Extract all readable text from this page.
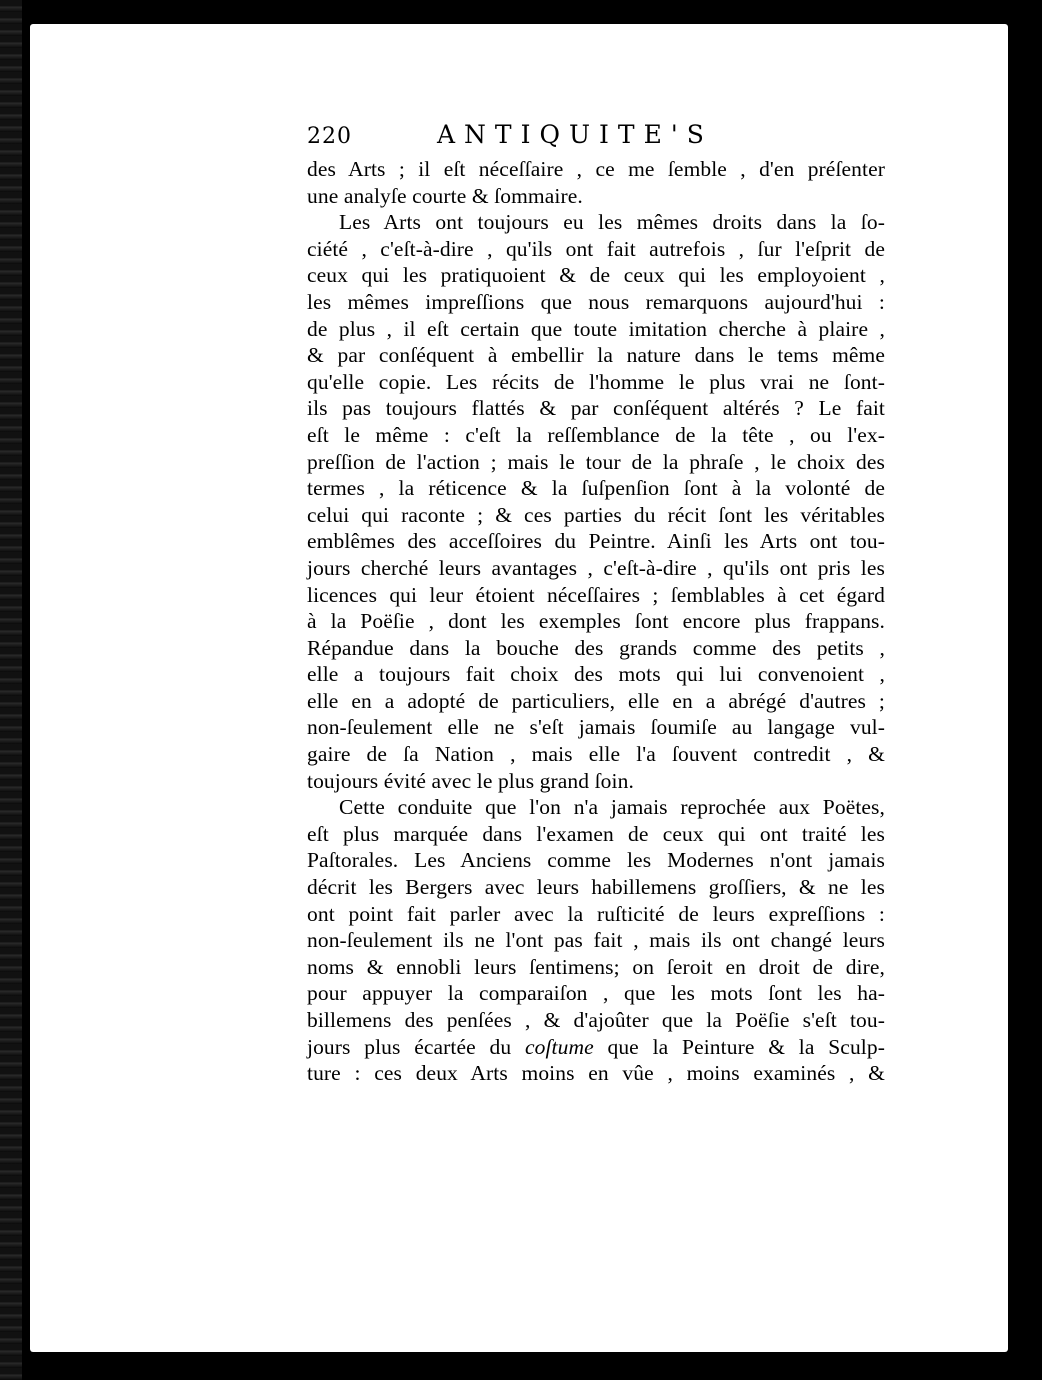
220	ANTIQUITE'S
des Arts ; il eſt néceſſaire , ce me ſemble , d'en préſenter
une analyſe courte & ſommaire.
Les Arts ont toujours eu les mêmes droits dans la ſo-
ciété , c'eſt-à-dire , qu'ils ont fait autrefois , ſur l'eſprit de
ceux qui les pratiquoient & de ceux qui les employoient ,
les mêmes impreſſions que nous remarquons aujourd'hui :
de plus , il eſt certain que toute imitation cherche à plaire ,
& par conſéquent à embellir la nature dans le tems même
qu'elle copie. Les récits de l'homme le plus vrai ne ſont-
ils pas toujours flattés & par conſéquent altérés ? Le fait
eſt le même : c'eſt la reſſemblance de la tête , ou l'ex-
preſſion de l'action ; mais le tour de la phraſe , le choix des
termes , la réticence & la ſuſpenſion ſont à la volonté de
celui qui raconte ; & ces parties du récit ſont les véritables
emblêmes des acceſſoires du Peintre. Ainſi les Arts ont tou-
jours cherché leurs avantages , c'eſt-à-dire , qu'ils ont pris les
licences qui leur étoient néceſſaires ; ſemblables à cet égard
à la Poëſie , dont les exemples ſont encore plus frappans.
Répandue dans la bouche des grands comme des petits ,
elle a toujours fait choix des mots qui lui convenoient ,
elle en a adopté de particuliers, elle en a abrégé d'autres ;
non-ſeulement elle ne s'eſt jamais ſoumiſe au langage vul-
gaire de ſa Nation , mais elle l'a ſouvent contredit , &
toujours évité avec le plus grand ſoin.
Cette conduite que l'on n'a jamais reprochée aux Poëtes,
eſt plus marquée dans l'examen de ceux qui ont traité les
Paſtorales. Les Anciens comme les Modernes n'ont jamais
décrit les Bergers avec leurs habillemens groſſiers, & ne les
ont point fait parler avec la ruſticité de leurs expreſſions :
non-ſeulement ils ne l'ont pas fait , mais ils ont changé leurs
noms & ennobli leurs ſentimens; on ſeroit en droit de dire,
pour appuyer la comparaiſon , que les mots ſont les ha-
billemens des penſées , & d'ajoûter que la Poëſie s'eſt tou-
jours plus écartée du coſtume que la Peinture & la Sculp-
ture : ces deux Arts moins en vûe , moins examinés , &
